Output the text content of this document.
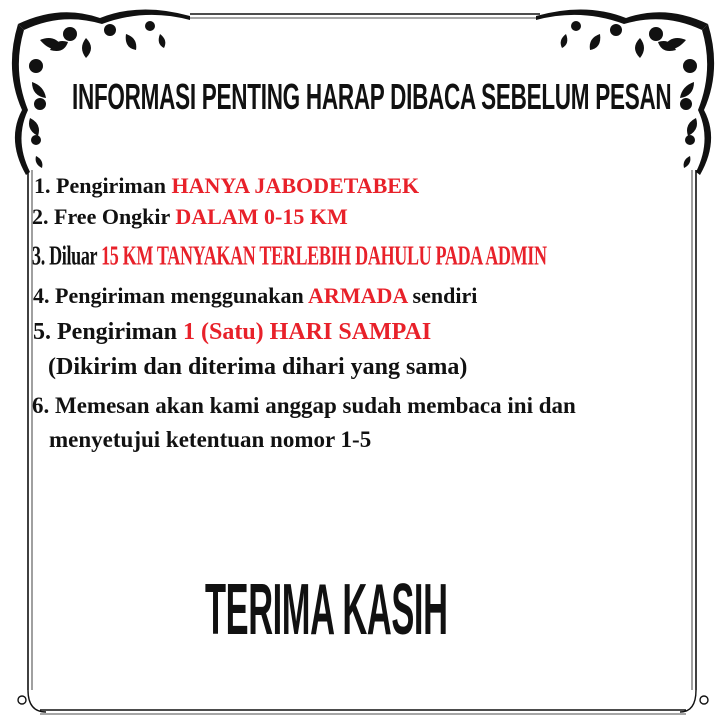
INFORMASI PENTING HARAP DIBACA SEBELUM PESAN
1. Pengiriman HANYA JABODETABEK
2. Free Ongkir DALAM 0-15 KM
3. Diluar 15 KM TANYAKAN TERLEBIH DAHULU PADA ADMIN
4. Pengiriman menggunakan ARMADA sendiri
5. Pengiriman 1 (Satu) HARI SAMPAI
(Dikirim dan diterima dihari yang sama)
6. Memesan akan kami anggap sudah membaca ini dan
menyetujui ketentuan nomor 1-5
TERIMA KASIH
